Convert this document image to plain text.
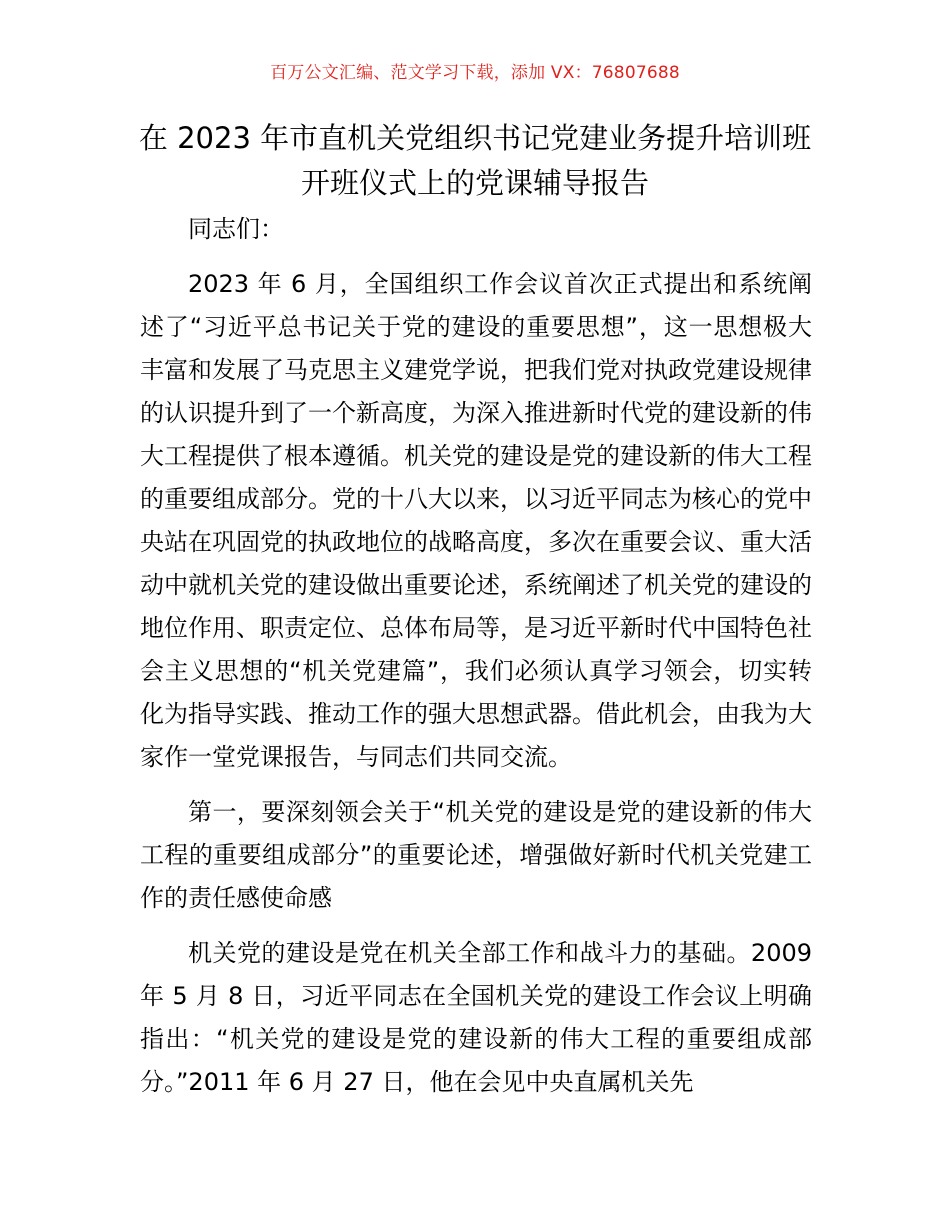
百万公文汇编、范文学习下载，添加 VX：76807688
在 2023 年市直机关党组织书记党建业务提升培训班开班仪式上的党课辅导报告

同志们：

2023 年 6 月，全国组织工作会议首次正式提出和系统阐述了“习近平总书记关于党的建设的重要思想”，这一思想极大丰富和发展了马克思主义建党学说，把我们党对执政党建设规律的认识提升到了一个新高度，为深入推进新时代党的建设新的伟大工程提供了根本遵循。机关党的建设是党的建设新的伟大工程的重要组成部分。党的十八大以来，以习近平同志为核心的党中央站在巩固党的执政地位的战略高度，多次在重要会议、重大活动中就机关党的建设做出重要论述，系统阐述了机关党的建设的地位作用、职责定位、总体布局等，是习近平新时代中国特色社会主义思想的“机关党建篇”，我们必须认真学习领会，切实转化为指导实践、推动工作的强大思想武器。借此机会，由我为大家作一堂党课报告，与同志们共同交流。

第一，要深刻领会关于“机关党的建设是党的建设新的伟大工程的重要组成部分”的重要论述，增强做好新时代机关党建工作的责任感使命感

机关党的建设是党在机关全部工作和战斗力的基础。2009 年 5 月 8 日，习近平同志在全国机关党的建设工作会议上明确指出：“机关党的建设是党的建设新的伟大工程的重要组成部分。”2011 年 6 月 27 日，他在会见中央直属机关先
